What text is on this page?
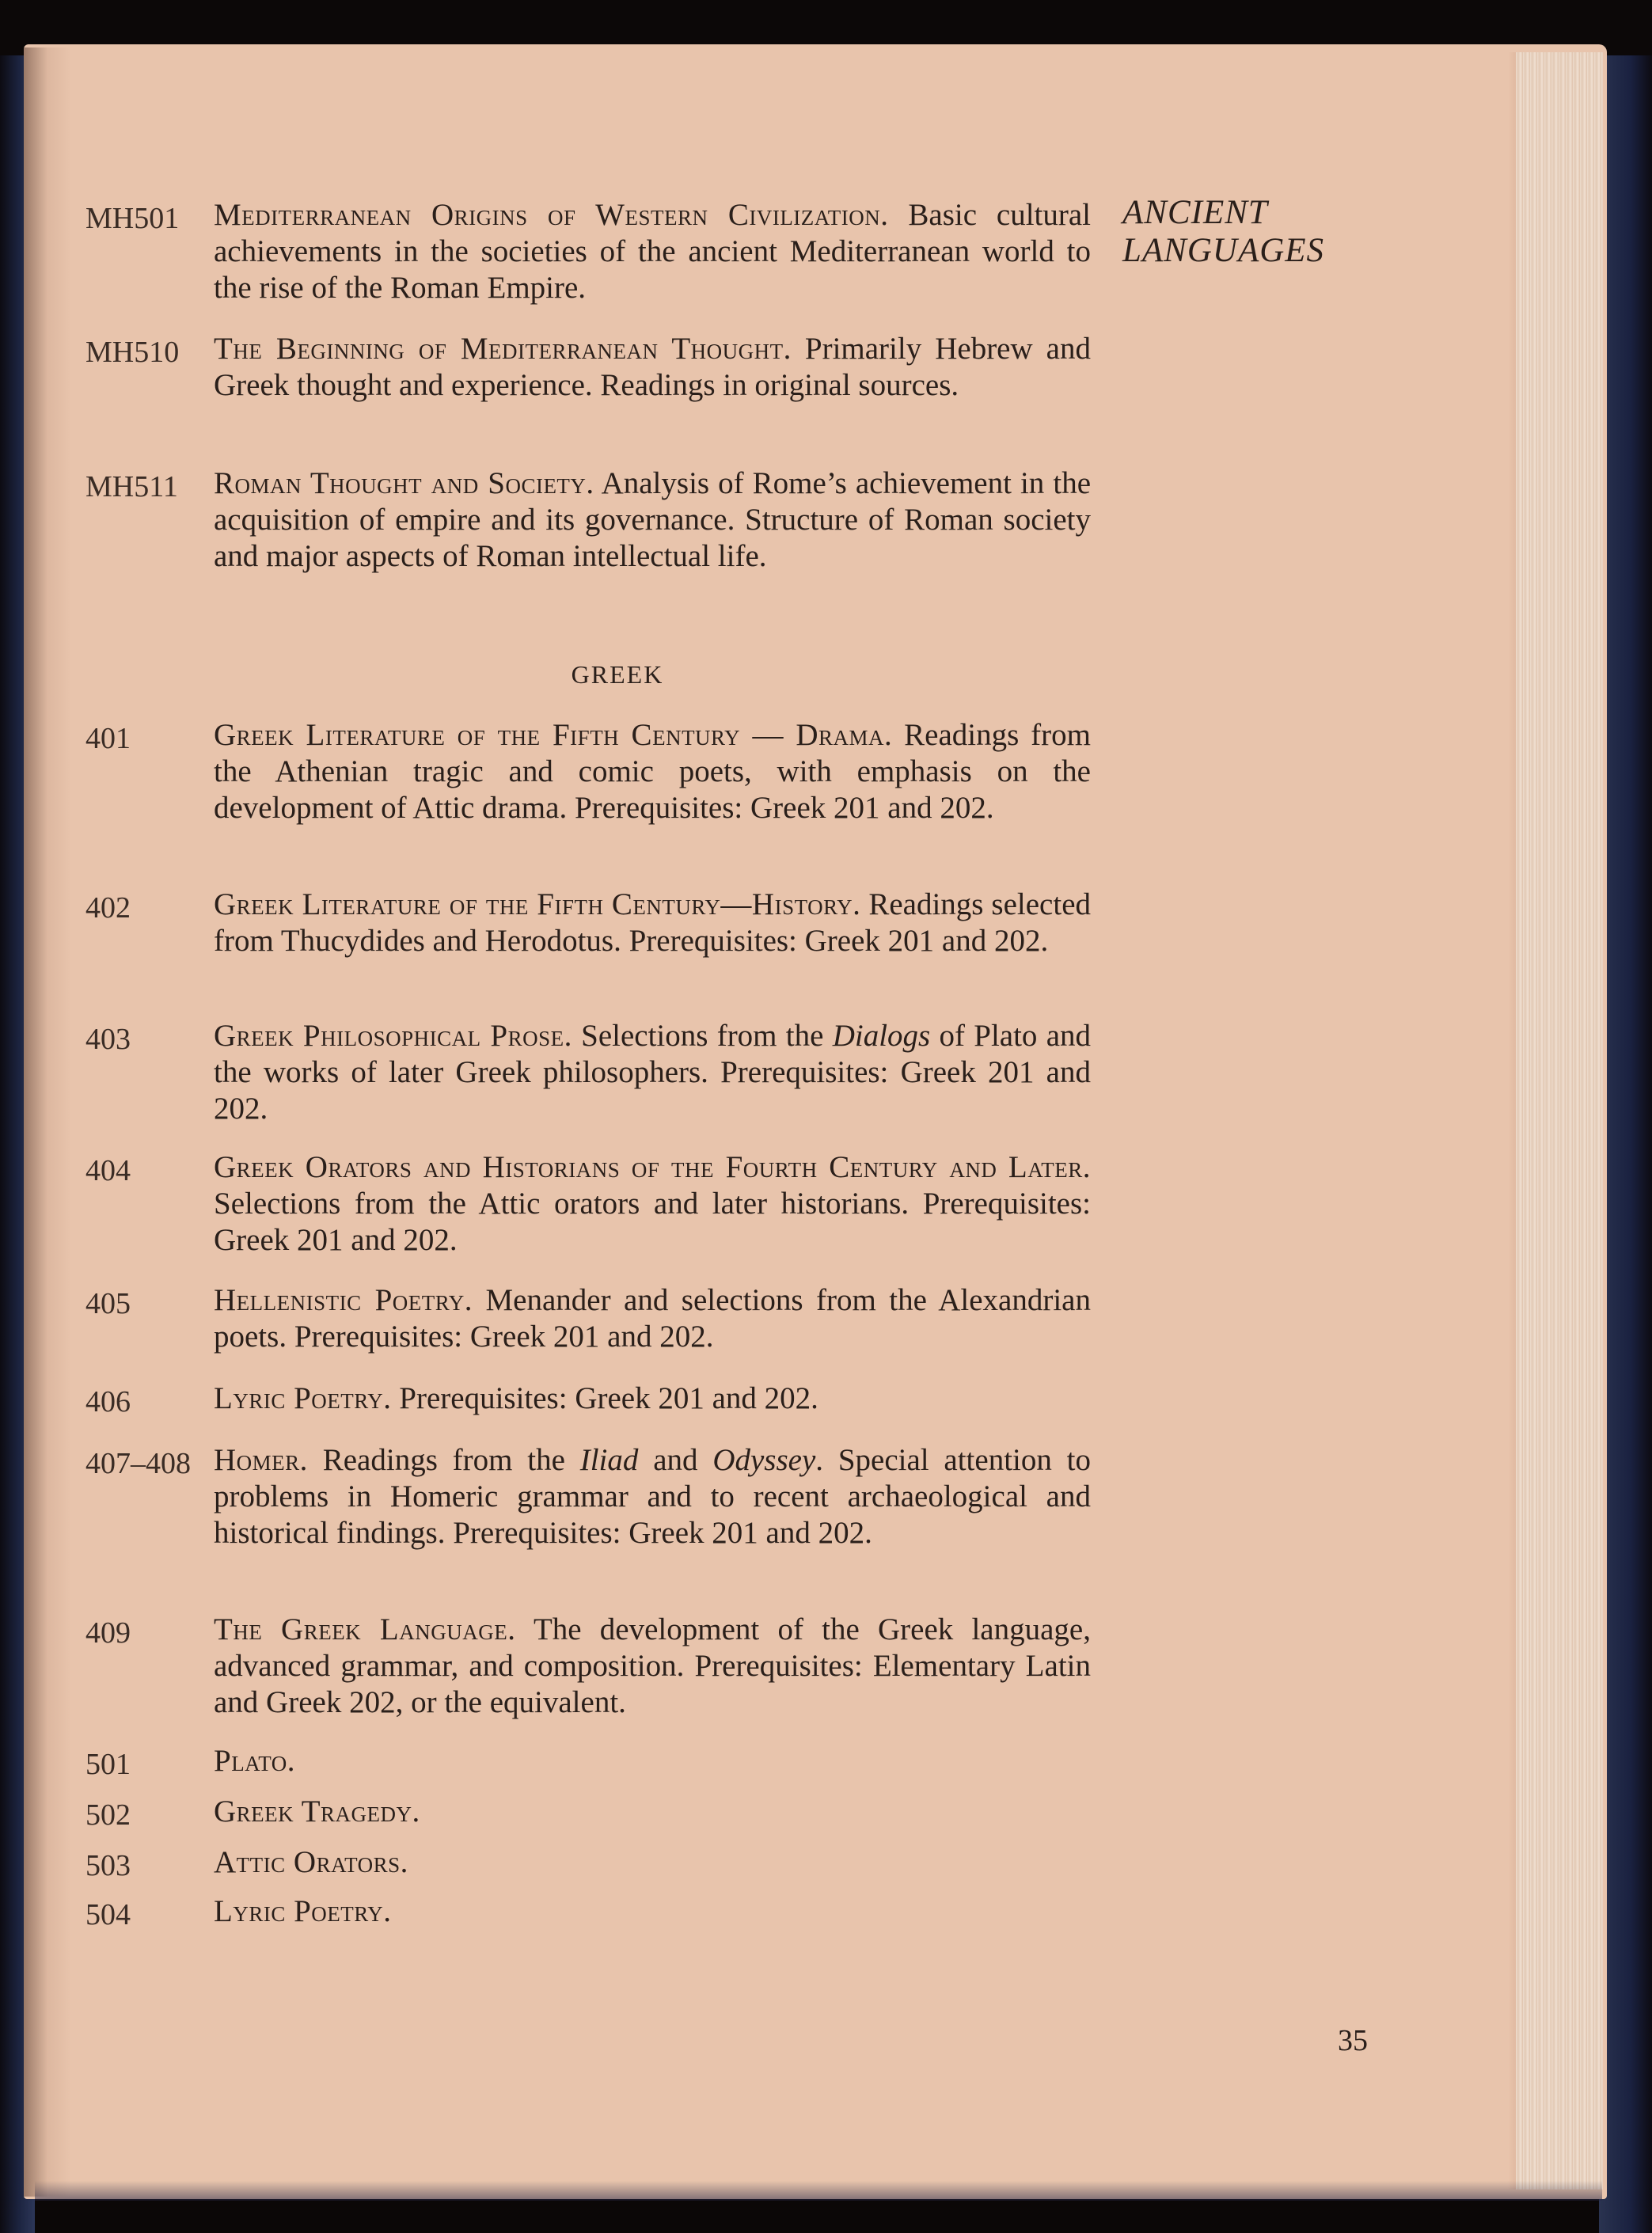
ANCIENT
LANGUAGES
MH501	Mediterranean Origins of Western Civilization. Basic cultural achievements in the societies of the ancient Mediterranean world to the rise of the Roman Empire.
MH510	The Beginning of Mediterranean Thought. Primarily Hebrew and Greek thought and experience. Readings in original sources.
MH511	Roman Thought and Society. Analysis of Rome’s achievement in the acquisition of empire and its governance. Structure of Roman society and major aspects of Roman intellectual life.
GREEK
401	Greek Literature of the Fifth Century — Drama. Readings from the Athenian tragic and comic poets, with emphasis on the development of Attic drama. Prerequisites: Greek 201 and 202.
402	Greek Literature of the Fifth Century—History. Readings selected from Thucydides and Herodotus. Prerequisites: Greek 201 and 202.
403	Greek Philosophical Prose. Selections from the Dialogs of Plato and the works of later Greek philosophers. Prerequisites: Greek 201 and 202.
404	Greek Orators and Historians of the Fourth Century and Later. Selections from the Attic orators and later historians. Prerequisites: Greek 201 and 202.
405	Hellenistic Poetry. Menander and selections from the Alexandrian poets. Prerequisites: Greek 201 and 202.
406	Lyric Poetry. Prerequisites: Greek 201 and 202.
407–408 Homer. Readings from the Iliad and Odyssey. Special attention to problems in Homeric grammar and to recent archaeological and historical findings. Prerequisites: Greek 201 and 202.
409	The Greek Language. The development of the Greek language, advanced grammar, and composition. Prerequisites: Elementary Latin and Greek 202, or the equivalent.
501	Plato.
502	Greek Tragedy.
503	Attic Orators.
504	Lyric Poetry.
35
